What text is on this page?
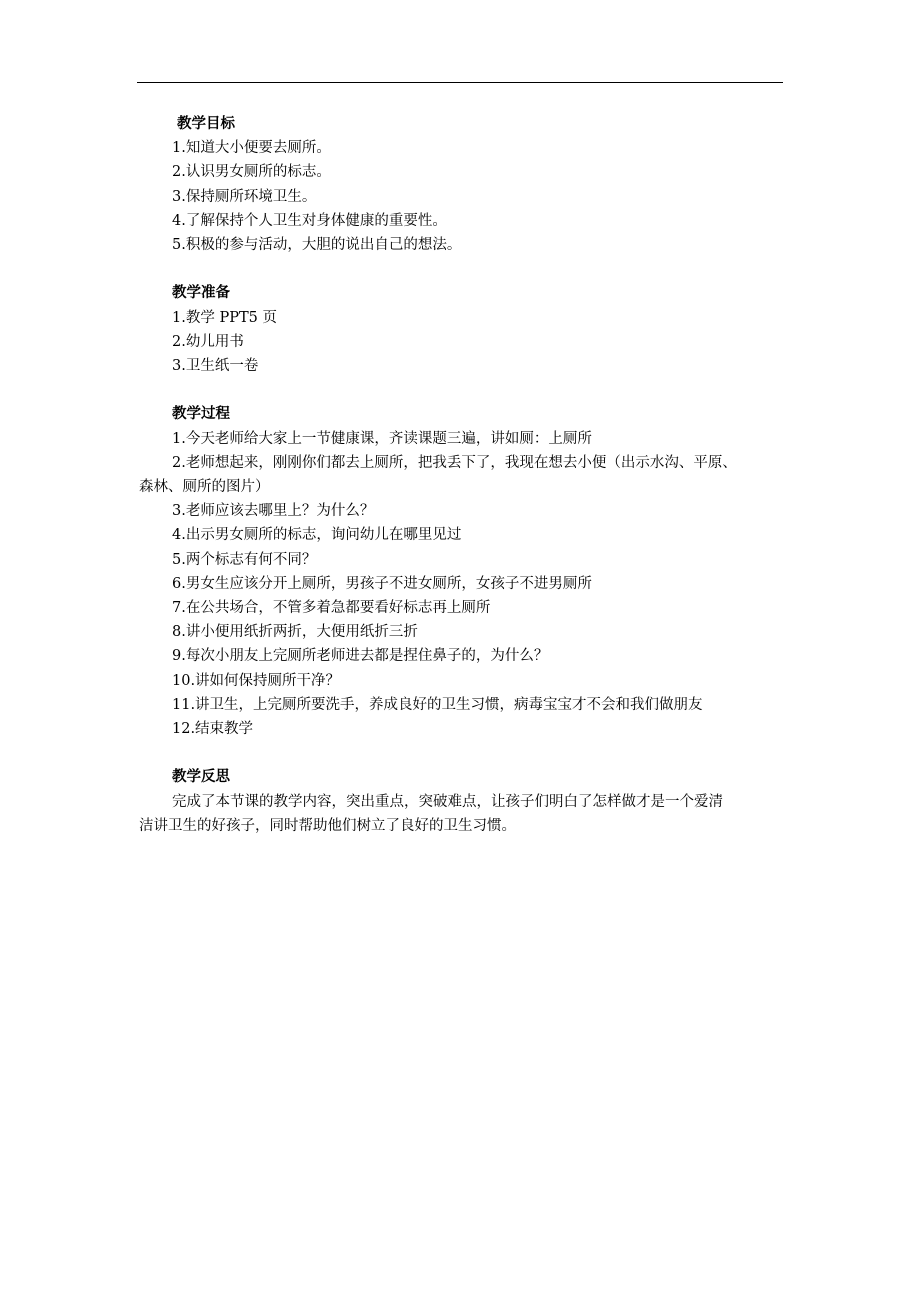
教学目标
1.知道大小便要去厕所。
2.认识男女厕所的标志。
3.保持厕所环境卫生。
4.了解保持个人卫生对身体健康的重要性。
5.积极的参与活动，大胆的说出自己的想法。
教学准备
1.教学 PPT5 页
2.幼儿用书
3.卫生纸一卷
教学过程
1.今天老师给大家上一节健康课，齐读课题三遍，讲如厕：上厕所
2.老师想起来，刚刚你们都去上厕所，把我丢下了，我现在想去小便（出示水沟、平原、
森林、厕所的图片）
3.老师应该去哪里上？为什么？
4.出示男女厕所的标志，询问幼儿在哪里见过
5.两个标志有何不同？
6.男女生应该分开上厕所，男孩子不进女厕所，女孩子不进男厕所
7.在公共场合，不管多着急都要看好标志再上厕所
8.讲小便用纸折两折，大便用纸折三折
9.每次小朋友上完厕所老师进去都是捏住鼻子的，为什么？
10.讲如何保持厕所干净？
11.讲卫生，上完厕所要洗手，养成良好的卫生习惯，病毒宝宝才不会和我们做朋友
12.结束教学
教学反思
完成了本节课的教学内容，突出重点，突破难点，让孩子们明白了怎样做才是一个爱清
洁讲卫生的好孩子，同时帮助他们树立了良好的卫生习惯。
